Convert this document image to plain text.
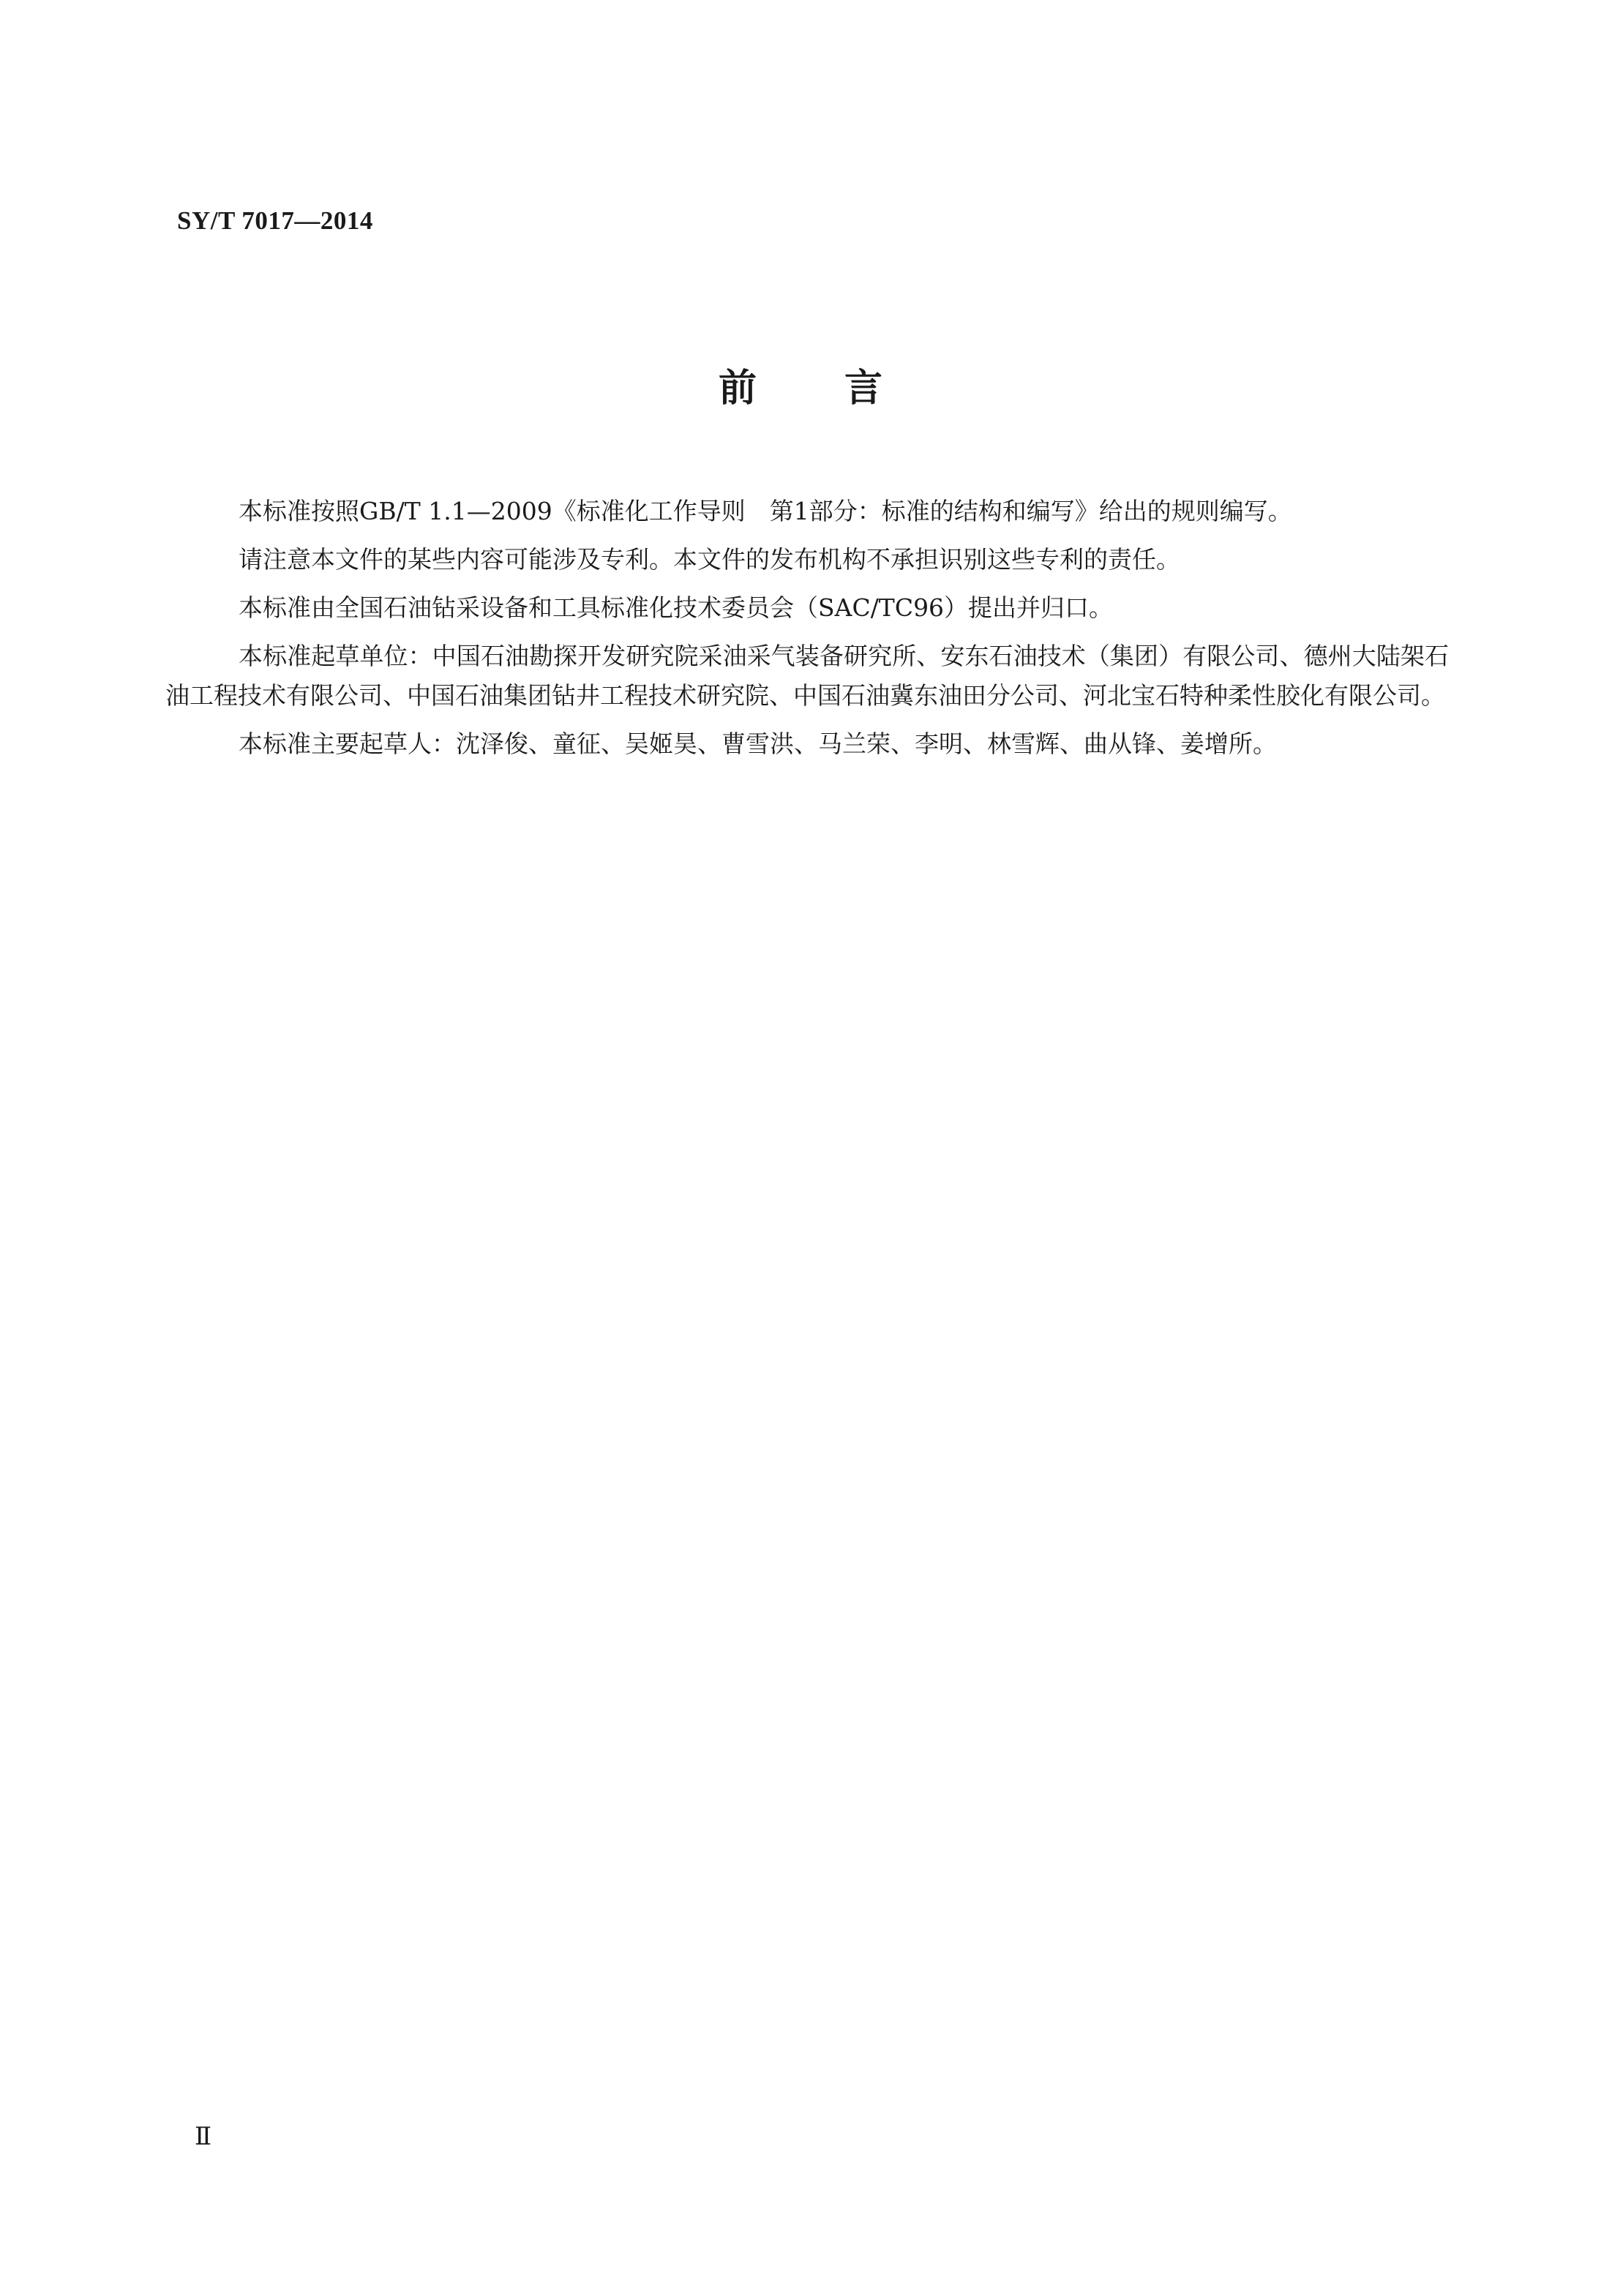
SY/T 7017—2014
前 言

本标准按照GB/T 1.1—2009《标准化工作导则　第1部分：标准的结构和编写》给出的规则编写。

请注意本文件的某些内容可能涉及专利。本文件的发布机构不承担识别这些专利的责任。

本标准由全国石油钻采设备和工具标准化技术委员会（SAC/TC96）提出并归口。

本标准起草单位：中国石油勘探开发研究院采油采气装备研究所、安东石油技术（集团）有限公司、德州大陆架石油工程技术有限公司、中国石油集团钻井工程技术研究院、中国石油冀东油田分公司、河北宝石特种柔性胶化有限公司。

本标准主要起草人：沈泽俊、童征、吴姬昊、曹雪洪、马兰荣、李明、林雪辉、曲从锋、姜增所。

Ⅱ
